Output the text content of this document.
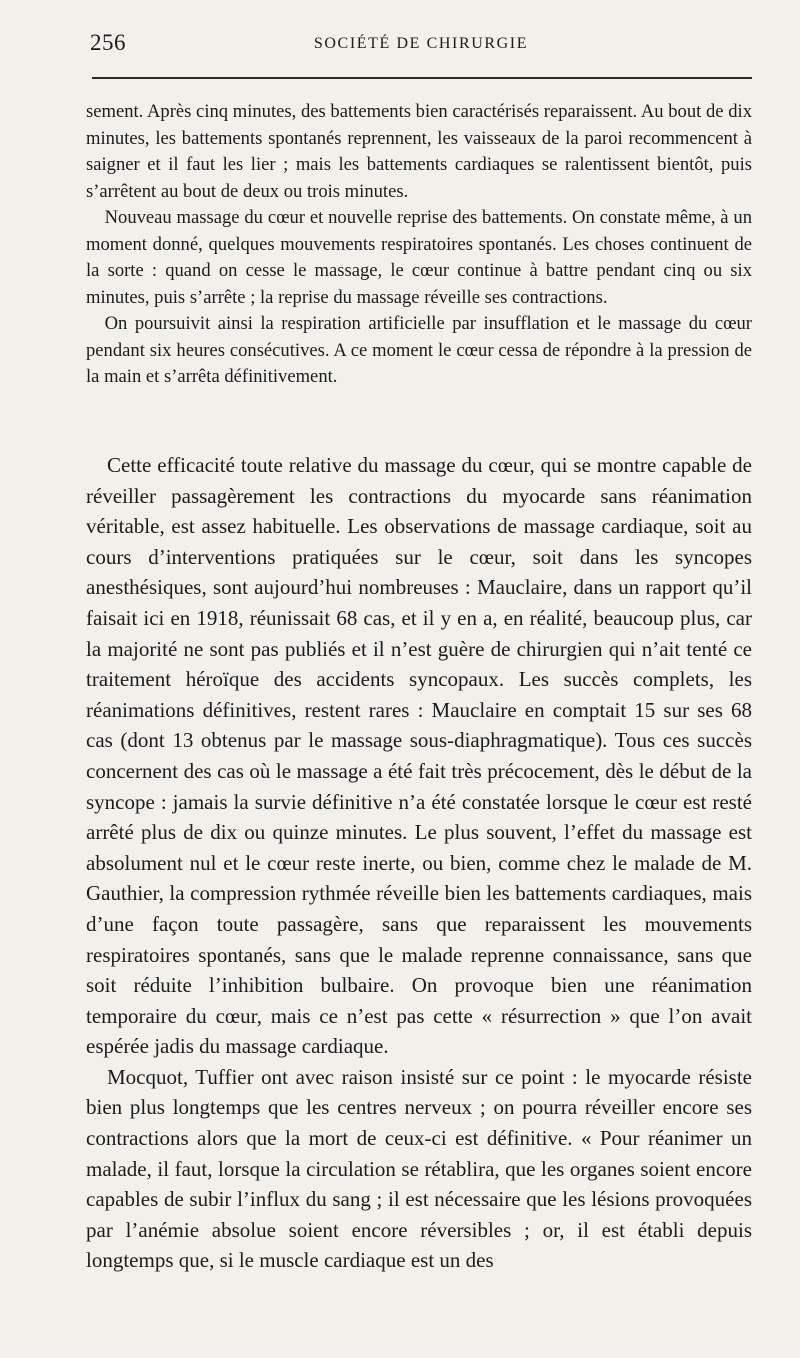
256	SOCIÉTÉ DE CHIRURGIE

sement. Après cinq minutes, des battements bien caractérisés reparaissent. Au bout de dix minutes, les battements spontanés reprennent, les vaisseaux de la paroi recommencent à saigner et il faut les lier ; mais les battements cardiaques se ralentissent bientôt, puis s’arrêtent au bout de deux ou trois minutes.

Nouveau massage du cœur et nouvelle reprise des battements. On constate même, à un moment donné, quelques mouvements respiratoires spontanés. Les choses continuent de la sorte : quand on cesse le massage, le cœur continue à battre pendant cinq ou six minutes, puis s’arrête ; la reprise du massage réveille ses contractions.

On poursuivit ainsi la respiration artificielle par insufflation et le massage du cœur pendant six heures consécutives. A ce moment le cœur cessa de répondre à la pression de la main et s’arrêta définitivement.

Cette efficacité toute relative du massage du cœur, qui se montre capable de réveiller passagèrement les contractions du myocarde sans réanimation véritable, est assez habituelle. Les observations de massage cardiaque, soit au cours d’interventions pratiquées sur le cœur, soit dans les syncopes anesthésiques, sont aujourd’hui nombreuses : Mauclaire, dans un rapport qu’il faisait ici en 1918, réunissait 68 cas, et il y en a, en réalité, beaucoup plus, car la majorité ne sont pas publiés et il n’est guère de chirurgien qui n’ait tenté ce traitement héroïque des accidents syncopaux. Les succès complets, les réanimations définitives, restent rares : Mauclaire en comptait 15 sur ses 68 cas (dont 13 obtenus par le massage sous-diaphragmatique). Tous ces succès concernent des cas où le massage a été fait très précocement, dès le début de la syncope : jamais la survie définitive n’a été constatée lorsque le cœur est resté arrêté plus de dix ou quinze minutes. Le plus souvent, l’effet du massage est absolument nul et le cœur reste inerte, ou bien, comme chez le malade de M. Gauthier, la compression rythmée réveille bien les battements cardiaques, mais d’une façon toute passagère, sans que reparaissent les mouvements respiratoires spontanés, sans que le malade reprenne connaissance, sans que soit réduite l’inhibition bulbaire. On provoque bien une réanimation temporaire du cœur, mais ce n’est pas cette « résurrection » que l’on avait espérée jadis du massage cardiaque.

Mocquot, Tuffier ont avec raison insisté sur ce point : le myocarde résiste bien plus longtemps que les centres nerveux ; on pourra réveiller encore ses contractions alors que la mort de ceux-ci est définitive. « Pour réanimer un malade, il faut, lorsque la circulation se rétablira, que les organes soient encore capables de subir l’influx du sang ; il est nécessaire que les lésions provoquées par l’anémie absolue soient encore réversibles ; or, il est établi depuis longtemps que, si le muscle cardiaque est un des
